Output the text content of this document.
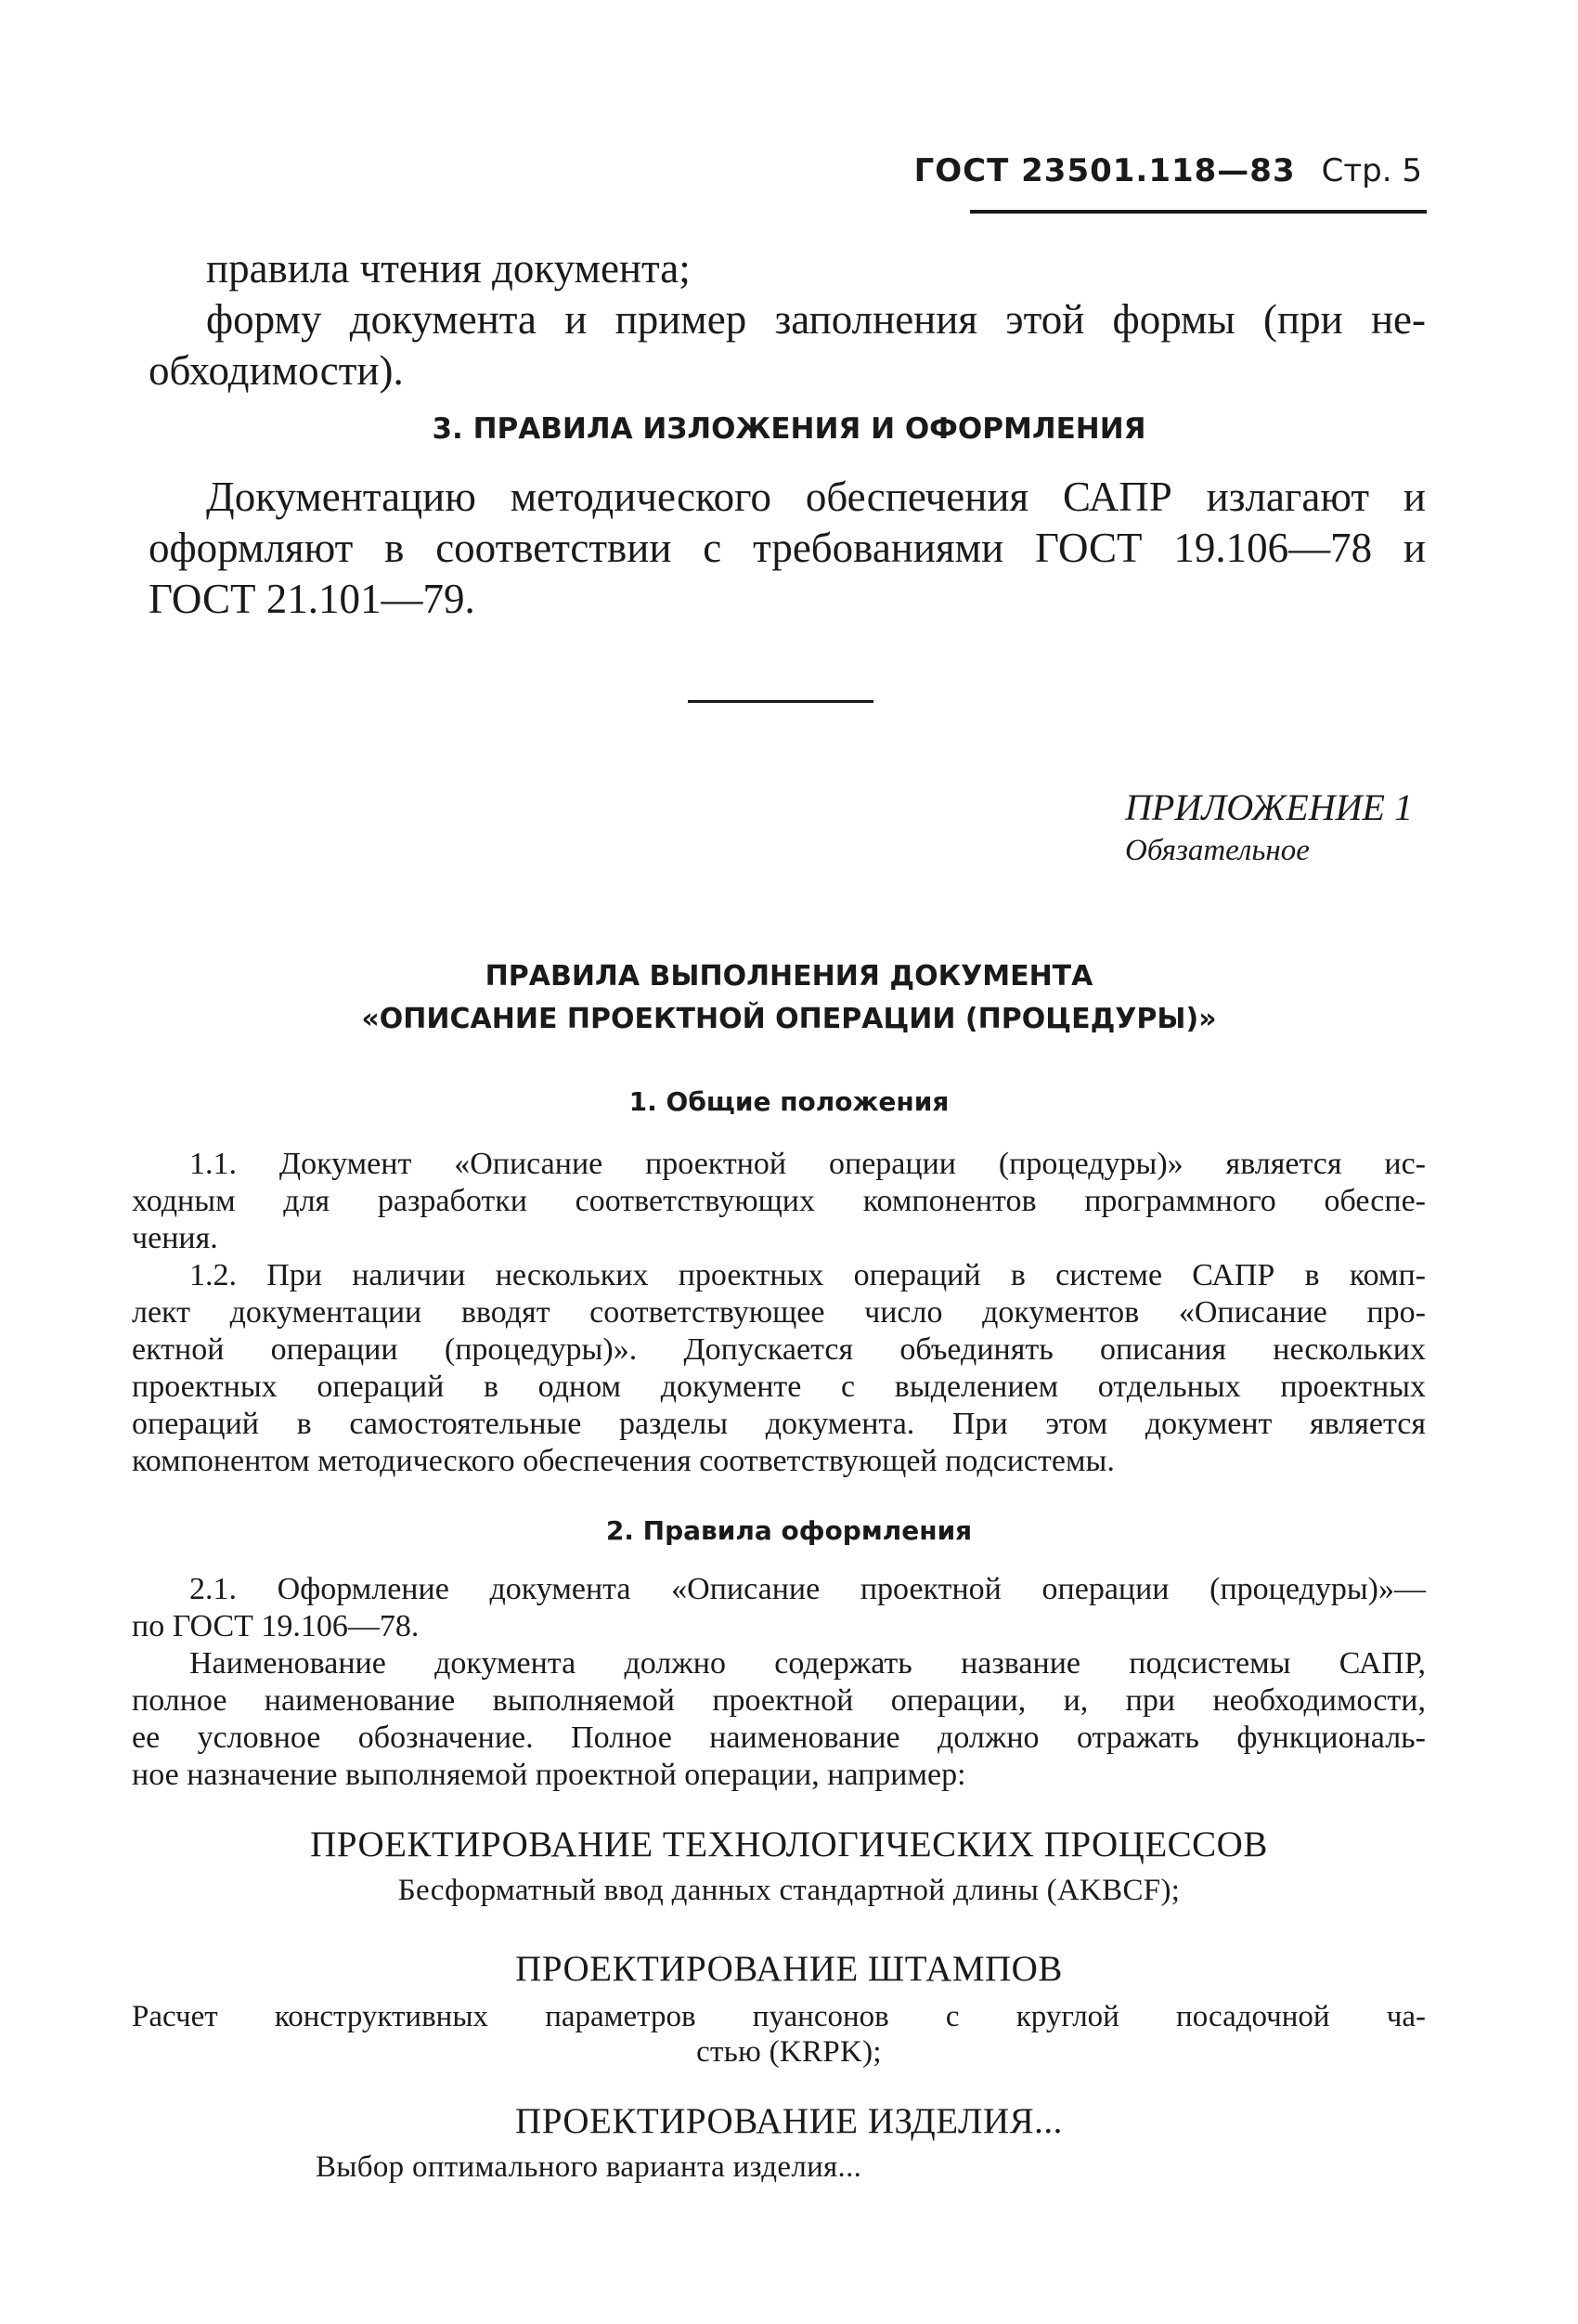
ГОСТ 23501.118—83 Стр. 5

правила чтения документа;

форму документа и пример заполнения этой формы (при не-

обходимости).

3. ПРАВИЛА ИЗЛОЖЕНИЯ И ОФОРМЛЕНИЯ

Документацию методического обеспечения САПР излагают и

оформляют в соответствии с требованиями ГОСТ 19.106—78 и

ГОСТ 21.101—79.

ПРИЛОЖЕНИЕ 1

Обязательное

ПРАВИЛА ВЫПОЛНЕНИЯ ДОКУМЕНТА

«ОПИСАНИЕ ПРОЕКТНОЙ ОПЕРАЦИИ (ПРОЦЕДУРЫ)»

1. Общие положения

1.1. Документ «Описание проектной операции (процедуры)» является ис-

ходным для разработки соответствующих компонентов программного обеспе-

чения.

1.2. При наличии нескольких проектных операций в системе САПР в комп-

лект документации вводят соответствующее число документов «Описание про-

ектной операции (процедуры)». Допускается объединять описания нескольких

проектных операций в одном документе с выделением отдельных проектных

операций в самостоятельные разделы документа. При этом документ является

компонентом методического обеспечения соответствующей подсистемы.

2. Правила оформления

2.1. Оформление документа «Описание проектной операции (процедуры)»—

по ГОСТ 19.106—78.

Наименование документа должно содержать название подсистемы САПР,

полное наименование выполняемой проектной операции, и, при необходимости,

ее условное обозначение. Полное наименование должно отражать функциональ-

ное назначение выполняемой проектной операции, например:

ПРОЕКТИРОВАНИЕ ТЕХНОЛОГИЧЕСКИХ ПРОЦЕССОВ

Бесформатный ввод данных стандартной длины (AKBCF);

ПРОЕКТИРОВАНИЕ ШТАМПОВ

Расчет конструктивных параметров пуансонов с круглой посадочной ча-

стью (KRPK);

ПРОЕКТИРОВАНИЕ ИЗДЕЛИЯ...

Выбор оптимального варианта изделия...
